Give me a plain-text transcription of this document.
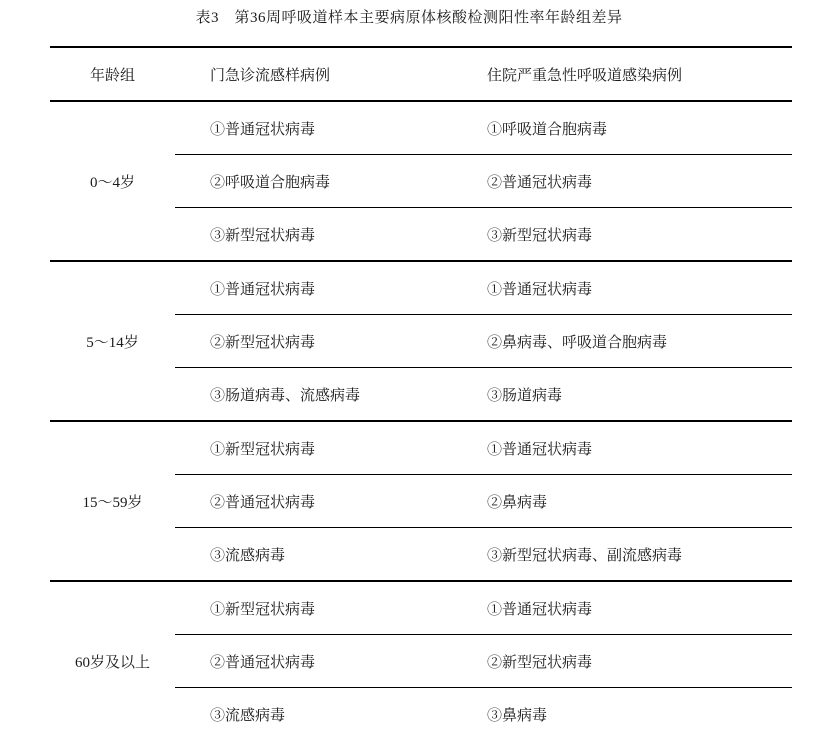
表3　第36周呼吸道样本主要病原体核酸检测阳性率年龄组差异
年龄组	门急诊流感样病例	住院严重急性呼吸道感染病例
0～4岁
①普通冠状病毒	①呼吸道合胞病毒
②呼吸道合胞病毒	②普通冠状病毒
③新型冠状病毒	③新型冠状病毒
5～14岁
①普通冠状病毒	①普通冠状病毒
②新型冠状病毒	②鼻病毒、呼吸道合胞病毒
③肠道病毒、流感病毒	③肠道病毒
15～59岁
①新型冠状病毒	①普通冠状病毒
②普通冠状病毒	②鼻病毒
③流感病毒	③新型冠状病毒、副流感病毒
60岁及以上
①新型冠状病毒	①普通冠状病毒
②普通冠状病毒	②新型冠状病毒
③流感病毒	③鼻病毒
